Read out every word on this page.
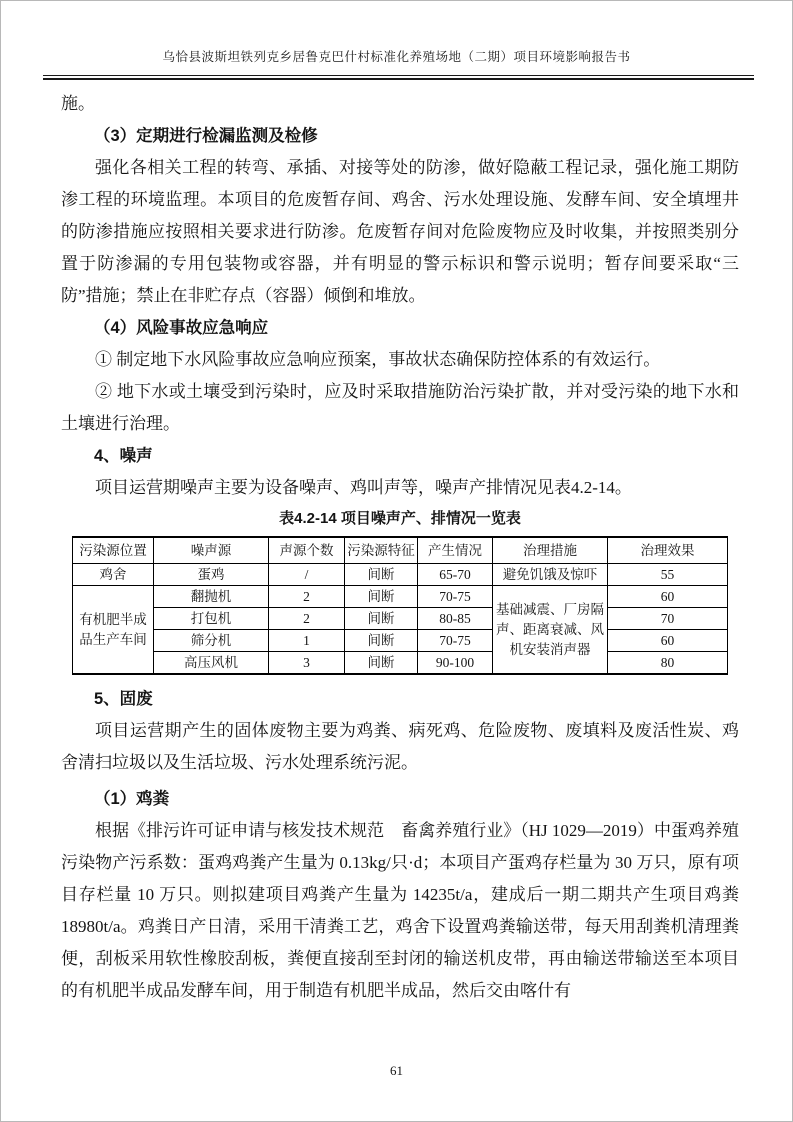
乌恰县波斯坦铁列克乡居鲁克巴什村标准化养殖场地（二期）项目环境影响报告书

施。

（3）定期进行检漏监测及检修

强化各相关工程的转弯、承插、对接等处的防渗，做好隐蔽工程记录，强化施工期防渗工程的环境监理。本项目的危废暂存间、鸡舍、污水处理设施、发酵车间、安全填埋井的防渗措施应按照相关要求进行防渗。危废暂存间对危险废物应及时收集，并按照类别分置于防渗漏的专用包装物或容器，并有明显的警示标识和警示说明；暂存间要采取“三防”措施；禁止在非贮存点（容器）倾倒和堆放。

（4）风险事故应急响应

① 制定地下水风险事故应急响应预案，事故状态确保防控体系的有效运行。

② 地下水或土壤受到污染时，应及时采取措施防治污染扩散，并对受污染的地下水和土壤进行治理。

4、噪声

项目运营期噪声主要为设备噪声、鸡叫声等，噪声产排情况见表4.2-14。

表4.2-14 项目噪声产、排情况一览表

污染源位置	噪声源	声源个数	污染源特征	产生情况	治理措施	治理效果
鸡舍	蛋鸡	/	间断	65-70	避免饥饿及惊吓	55
有机肥半成品生产车间	翻抛机	2	间断	70-75	基础减震、厂房隔声、距离衰减、风机安装消声器	60
	打包机	2	间断	80-85		70
	筛分机	1	间断	70-75		60
	高压风机	3	间断	90-100		80

5、固废

项目运营期产生的固体废物主要为鸡粪、病死鸡、危险废物、废填料及废活性炭、鸡舍清扫垃圾以及生活垃圾、污水处理系统污泥。

（1）鸡粪

根据《排污许可证申请与核发技术规范　畜禽养殖行业》（HJ 1029—2019）中蛋鸡养殖污染物产污系数：蛋鸡鸡粪产生量为 0.13kg/只·d；本项目产蛋鸡存栏量为 30 万只，原有项目存栏量 10 万只。则拟建项目鸡粪产生量为 14235t/a，建成后一期二期共产生项目鸡粪 18980t/a。鸡粪日产日清，采用干清粪工艺，鸡舍下设置鸡粪输送带，每天用刮粪机清理粪便，刮板采用软性橡胶刮板，粪便直接刮至封闭的输送机皮带，再由输送带输送至本项目的有机肥半成品发酵车间，用于制造有机肥半成品，然后交由喀什有

61
